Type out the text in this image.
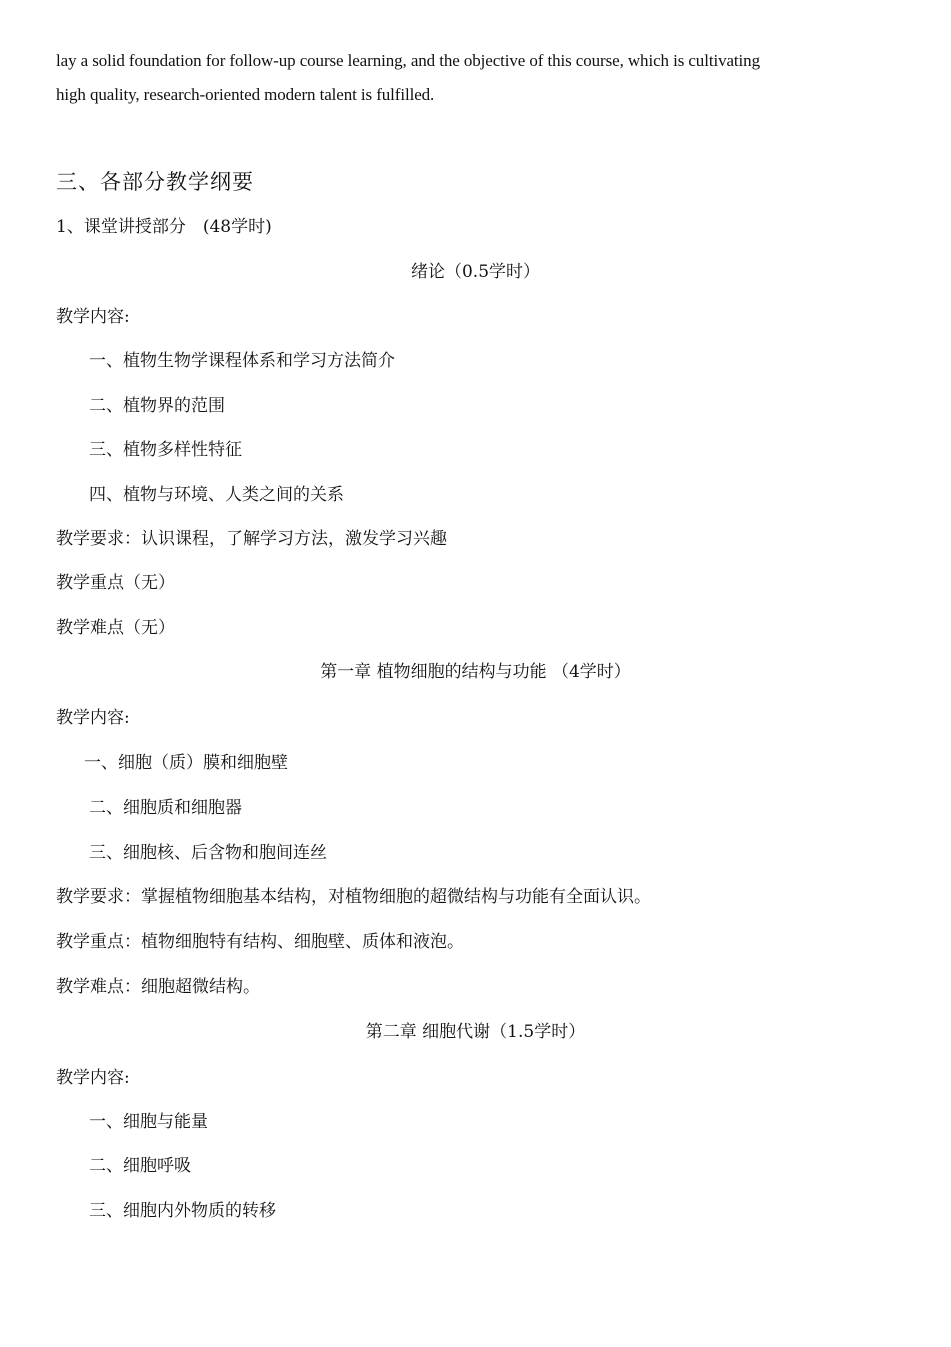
lay a solid foundation for follow-up course learning, and the objective of this course, which is cultivating
high quality, research-oriented modern talent is fulfilled.
三、各部分教学纲要
1、课堂讲授部分　(48学时)
绪论（0.5学时）
教学内容:
一、植物生物学课程体系和学习方法简介
二、植物界的范围
三、植物多样性特征
四、植物与环境、人类之间的关系
教学要求：认识课程，了解学习方法，激发学习兴趣
教学重点（无）
教学难点（无）
第一章 植物细胞的结构与功能 （4学时）
教学内容:
一、细胞（质）膜和细胞壁
二、细胞质和细胞器
三、细胞核、后含物和胞间连丝
教学要求：掌握植物细胞基本结构，对植物细胞的超微结构与功能有全面认识。
教学重点：植物细胞特有结构、细胞壁、质体和液泡。
教学难点：细胞超微结构。
第二章 细胞代谢（1.5学时）
教学内容:
一、细胞与能量
二、细胞呼吸
三、细胞内外物质的转移
